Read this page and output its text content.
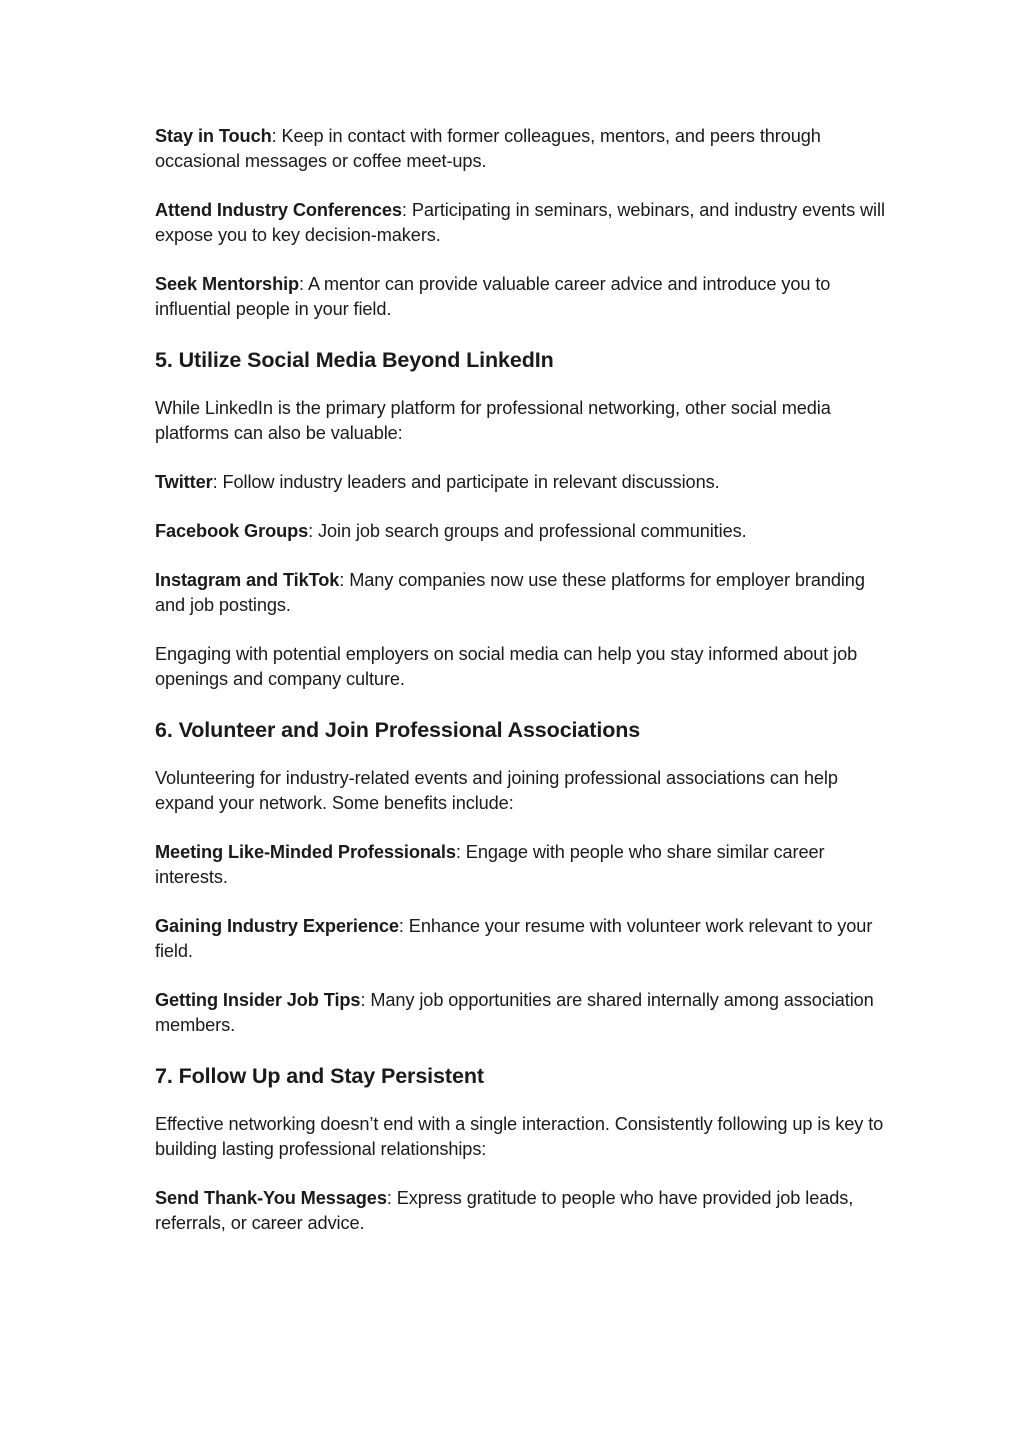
Stay in Touch: Keep in contact with former colleagues, mentors, and peers through occasional messages or coffee meet-ups.

Attend Industry Conferences: Participating in seminars, webinars, and industry events will expose you to key decision-makers.

Seek Mentorship: A mentor can provide valuable career advice and introduce you to influential people in your field.

5. Utilize Social Media Beyond LinkedIn

While LinkedIn is the primary platform for professional networking, other social media platforms can also be valuable:

Twitter: Follow industry leaders and participate in relevant discussions.

Facebook Groups: Join job search groups and professional communities.

Instagram and TikTok: Many companies now use these platforms for employer branding and job postings.

Engaging with potential employers on social media can help you stay informed about job openings and company culture.

6. Volunteer and Join Professional Associations

Volunteering for industry-related events and joining professional associations can help expand your network. Some benefits include:

Meeting Like-Minded Professionals: Engage with people who share similar career interests.

Gaining Industry Experience: Enhance your resume with volunteer work relevant to your field.

Getting Insider Job Tips: Many job opportunities are shared internally among association members.

7. Follow Up and Stay Persistent

Effective networking doesn’t end with a single interaction. Consistently following up is key to building lasting professional relationships:

Send Thank-You Messages: Express gratitude to people who have provided job leads, referrals, or career advice.
